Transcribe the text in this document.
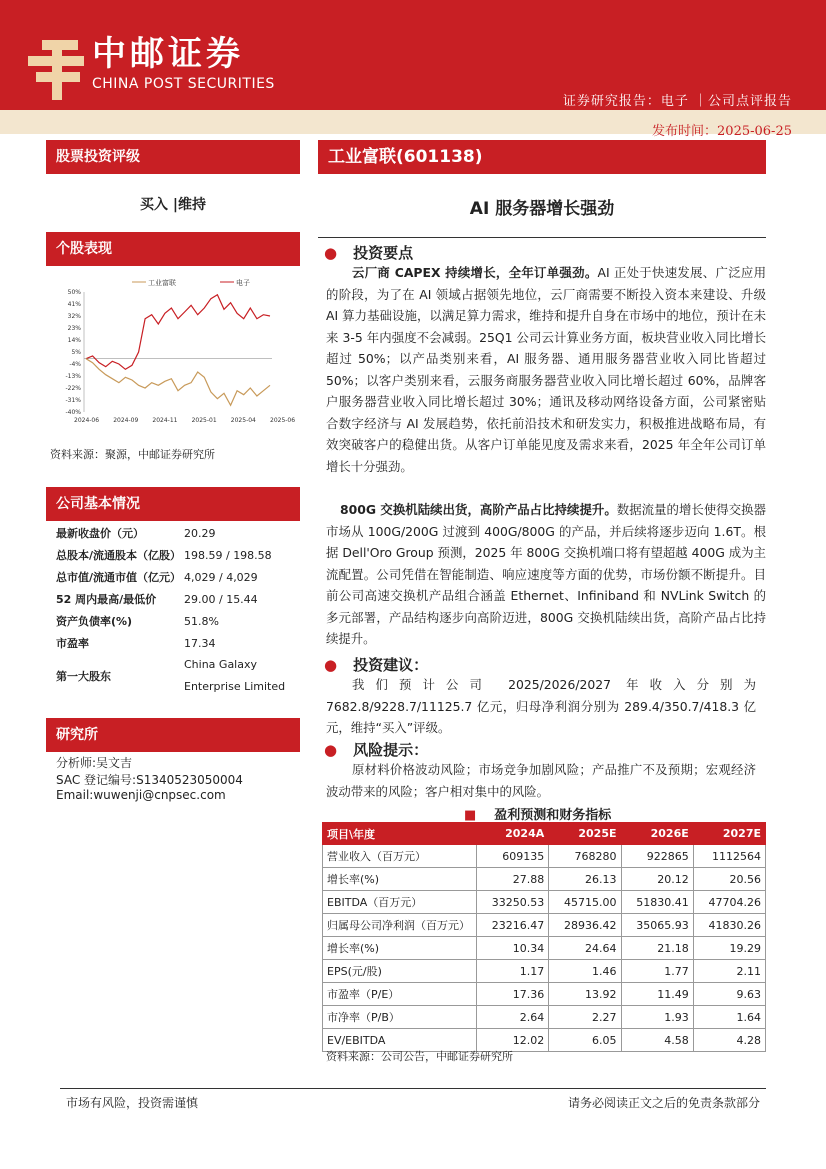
中邮证券
CHINA POST SECURITIES
证券研究报告：电子 ｜公司点评报告
发布时间：2025-06-25
股票投资评级
买入 |维持
个股表现
工业富联	电子
50%
41%
32%
23%
14%
5%
-4%
-13%
-22%
-31%
-40%
2024-06 2024-09 2024-11 2025-01 2025-04 2025-06
资料来源：聚源，中邮证券研究所
公司基本情况
最新收盘价（元）	20.29
总股本/流通股本（亿股）	198.59 / 198.58
总市值/流通市值（亿元）	4,029 / 4,029
52 周内最高/最低价	29.00 / 15.44
资产负债率(%)	51.8%
市盈率	17.34
第一大股东	China Galaxy Enterprise Limited
研究所
分析师:吴文吉
SAC 登记编号:S1340523050004
Email:wuwenji@cnpsec.com
工业富联(601138)
AI 服务器增长强劲
● 投资要点
云厂商 CAPEX 持续增长，全年订单强劲。AI 正处于快速发展、广泛应用的阶段，为了在 AI 领域占据领先地位，云厂商需要不断投入资本来建设、升级 AI 算力基础设施，以满足算力需求，维持和提升自身在市场中的地位，预计在未来 3-5 年内强度不会减弱。25Q1 公司云计算业务方面，板块营业收入同比增长超过 50%；以产品类别来看，AI 服务器、通用服务器营业收入同比皆超过 50%；以客户类别来看，云服务商服务器营业收入同比增长超过 60%，品牌客户服务器营业收入同比增长超过 30%；通讯及移动网络设备方面，公司紧密贴合数字经济与 AI 发展趋势，依托前沿技术和研发实力，积极推进战略布局，有效突破客户的稳健出货。从客户订单能见度及需求来看，2025 年全年公司订单增长十分强劲。
800G 交换机陆续出货，高阶产品占比持续提升。数据流量的增长使得交换器市场从 100G/200G 过渡到 400G/800G 的产品，并后续将逐步迈向 1.6T。根据 Dell'Oro Group 预测，2025 年 800G 交换机端口将有望超越 400G 成为主流配置。公司凭借在智能制造、响应速度等方面的优势，市场份额不断提升。目前公司高速交换机产品组合涵盖 Ethernet、Infiniband 和 NVLink Switch 的多元部署，产品结构逐步向高阶迈进，800G 交换机陆续出货，高阶产品占比持续提升。
● 投资建议：
我们预计公司 2025/2026/2027 年收入分别为 7682.8/9228.7/11125.7 亿元，归母净利润分别为 289.4/350.7/418.3 亿元，维持“买入”评级。
● 风险提示：
原材料价格波动风险；市场竞争加剧风险；产品推广不及预期；宏观经济波动带来的风险；客户相对集中的风险。
■ 盈利预测和财务指标
项目\年度	2024A	2025E	2026E	2027E
营业收入（百万元）	609135	768280	922865	1112564
增长率(%)	27.88	26.13	20.12	20.56
EBITDA（百万元）	33250.53	45715.00	51830.41	47704.26
归属母公司净利润（百万元）	23216.47	28936.42	35065.93	41830.26
增长率(%)	10.34	24.64	21.18	19.29
EPS(元/股)	1.17	1.46	1.77	2.11
市盈率（P/E）	17.36	13.92	11.49	9.63
市净率（P/B）	2.64	2.27	1.93	1.64
EV/EBITDA	12.02	6.05	4.58	4.28
资料来源：公司公告，中邮证券研究所
市场有风险，投资需谨慎	请务必阅读正文之后的免责条款部分
